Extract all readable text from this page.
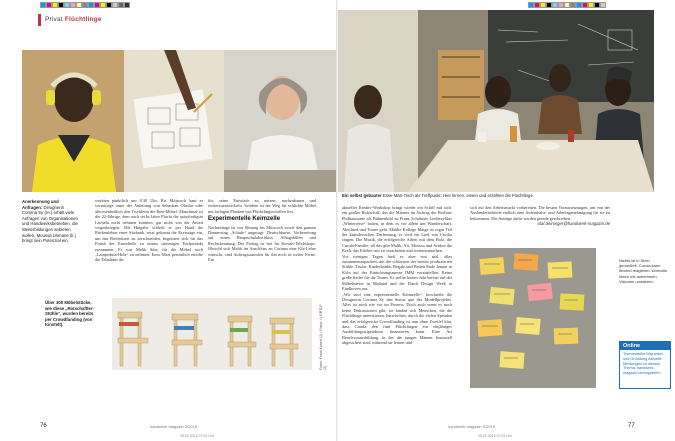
Privat Flüchtlinge
Anerkennung und Anfragen: Designerin Corinna Sy (re.) erhält viele Anfragen von Organisationen und Handwerksbetrieben, die Weiterbildungen anbieten wollen. Moussa Usmane (li.) bringt sein Potenzial ein.
werkten pünktlich um 8.30 Uhr. Bis Mittwoch baut er vormittags unter der Anleitung von Sebastian Obstlar oder abwesenheitlich den Tischlerin die Ikea-Möbel. Manchmal ist der 22-Jährige, dem auch sechs Jahre Flucht die spitzfindigste Lächeln nicht nehmen konnten, gar nicht von der Arbeit wegzukriegen. Mit Hingabe schleift er per Hand die Rückenlehne einer Sitzbank, setzt gekonnt die Kreissäge ein, um das Riefenbrett zu zerschneiden, begeistert sich für das Finish der Einzelteile zu einem stimmigen Endprodukt zusammen. Es war Malik Sibe, für die Möbel noch „Lampedusa-Holz“ zu nehmen. Enzo Mari persönlich erteilte die Erlaubnis da-
für, seine Entwürfe zu nutzen, nachzubauen und weiterzuentwickeln. Seitdem ist der Weg für schlichte Möbel mit farbigen Planken von Flüchtlingsschiffen frei.
Experimentelle Keimzelle
Nachmittags ist von Montag bis Mittwoch sowie den ganzen Donnerstag „Schule“ angesagt: Deutschkurse, Vorbereitung auf einen Hauptschulabschluss, Alltagshilfen und Rechtsberatung. Der Freitag ist frei für Kreativ-Workshops. Obwohl sich Malik im Anschluss an Corinna eine Kfz-Lehre wünscht, sind Auftragssanrufen für ihn noch in weiter Ferne. Ein
Über 300 Möbelstücke, wie diese „Rotschaftler-Stühle“, wurden bereits per Crowdfunding (von Kinstelt).	Fotos: Frank Kunert (2) • Fotos: ©GRTLP (2)
76	handwerk magazin 3/2015
25.02.2014 07:04 Uhr
Ein selbst gebauter Esse-Mari-Tisch als Treffpunkt: Hier lernen, essen und erzählen die Flüchtlinge.
aktueller Kreativ-Workshop bringt wieder ein Schiff mit sich: ein großes Holzschiff, das die Männer im Auftrag der Berliner Philharmonie als Bühnenbild zu Franz Schuberts Liederzyklus „Winterreise“ bauen, in dem es vor allem um Wanderschaft, Abschied und Trauer geht. Mahlie Kollege Maiga ist sogar Teil der künstlerischen Darbietung, er wird ein Lied von Cecilia singen. Die Musik, die erfolgreiche Arbeit mit dem Holz, die Curula-Familie, all das gibt Malik, Ali, Moussa und Seidou die Kraft, das Erlebte neu zu verarbeiten und weiterzumachen.
Vor wenigen Tagen hieß es aber erst mal, alles zusammenzupacken, um die schönsten der bereits produzierten Stühle, Tische, Kinderbänke, Regale und Betten Ende Januar in Köln auf der Einrichtungsmesse IMM vorzustellen. Keine große Sache für die Teams. Es stellte letztes Jahr bereits auf der Möbelmesse in Mailand und der Dutch Design Week in Eindhoven aus.
„Wir sind eine experimentelle Keimzelle“, beschreibt die Designerin Corinna Sy den Status quo des Modellprojekts. Alles ist noch wie vor im Prozess. Doch auch wenn es noch keine Diskussionen gibt, sie fanden sich Menschen, die die Flüchtlinge unterstützen. Inzwischen, durch die vielen Spenden und das erfolgreiche Crowdfunding ist nun ohne Zweifel klar, dass Curula den fünf Flüchtlingen ein einjähriges Ausbildungsstipendium finanzieren kann. Eine Art Berufsvorausbildung, in der die jungen Männer finanziell abgesichert sind, während sie lernen und
sich auf den Arbeitsmarkt vorbereiten. Die besten Voraussetzungen, um von der Ausländerbehörde endlich eine Aufenthalts- und Arbeitsgenehmigung für sie zu bekommen. Die Anträge dafür werden gerade geschrieben.
olaf.deininger@handwerk-magazin.de
Nichts ist in Stein gemeißelt. Curula kann flexibel reagieren, sinnvolle Ideen mit aufnehmen, Visionen umsetzen.
Online
Themenreihe Migranten und Gründung Aktuelle Meldungen zu diesem Thema: handwerk-magazin.de/migranten
handwerk magazin 3/2015	77
25.02.2014 07:04 Uhr
